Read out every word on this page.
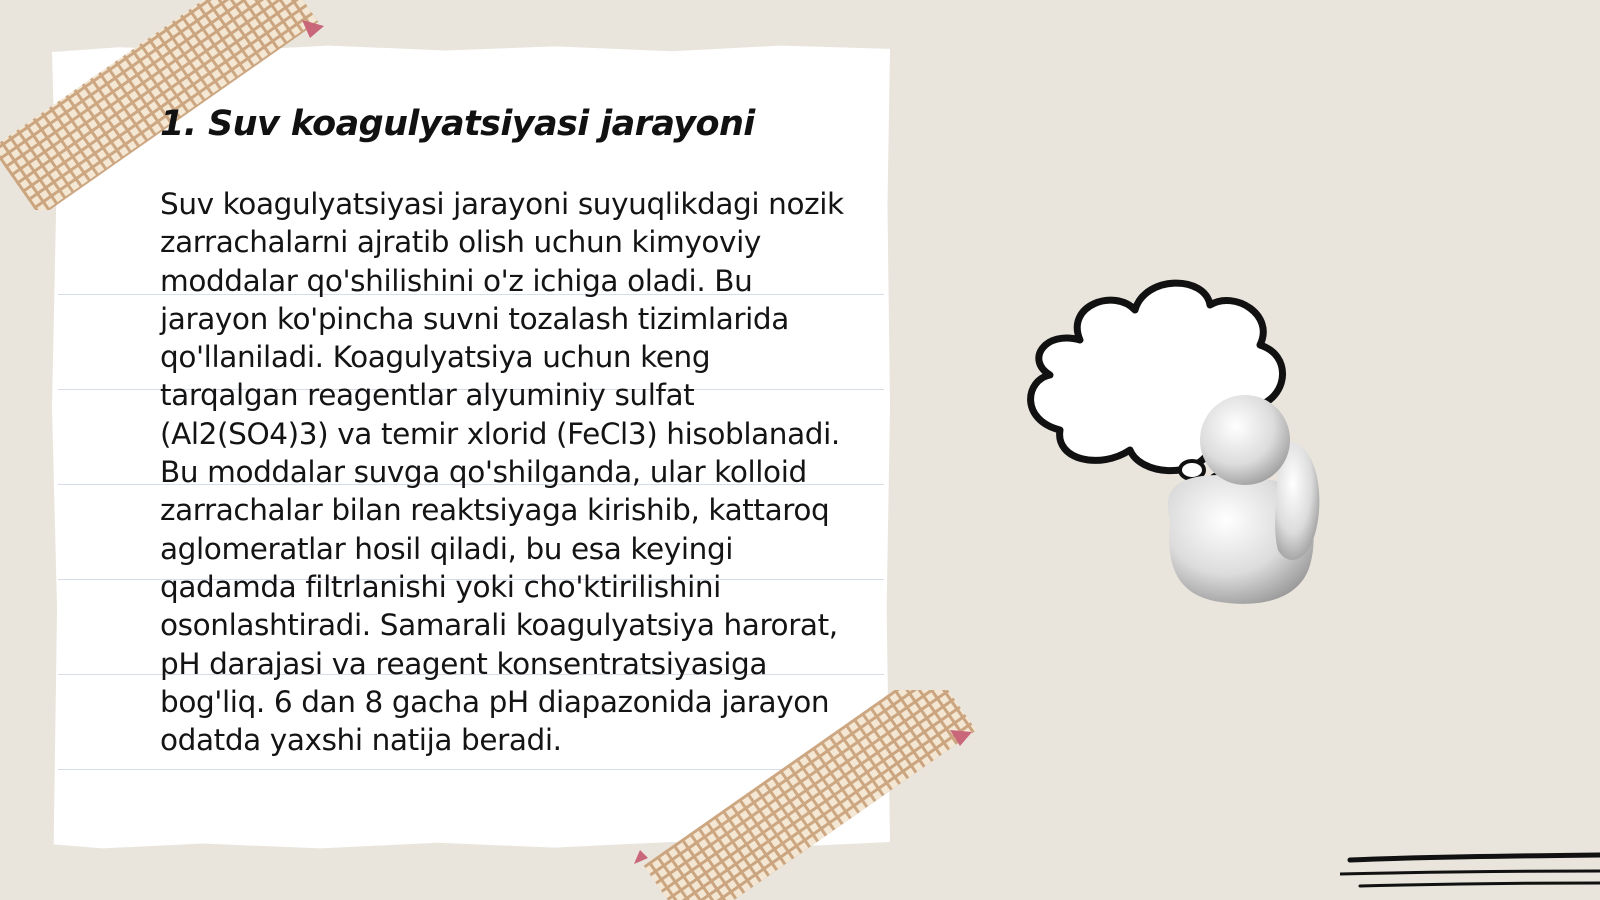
1. Suv koagulyatsiyasi jarayoni

Suv koagulyatsiyasi jarayoni suyuqlikdagi nozik zarrachalarni ajratib olish uchun kimyoviy moddalar qo'shilishini o'z ichiga oladi. Bu jarayon ko'pincha suvni tozalash tizimlarida qo'llaniladi. Koagulyatsiya uchun keng tarqalgan reagentlar alyuminiy sulfat (Al2(SO4)3) va temir xlorid (FeCl3) hisoblanadi. Bu moddalar suvga qo'shilganda, ular kolloid zarrachalar bilan reaktsiyaga kirishib, kattaroq aglomeratlar hosil qiladi, bu esa keyingi qadamda filtrlanishi yoki cho'ktirilishini osonlashtiradi. Samarali koagulyatsiya harorat, pH darajasi va reagent konsentratsiyasiga bog'liq. 6 dan 8 gacha pH diapazonida jarayon odatda yaxshi natija beradi.
